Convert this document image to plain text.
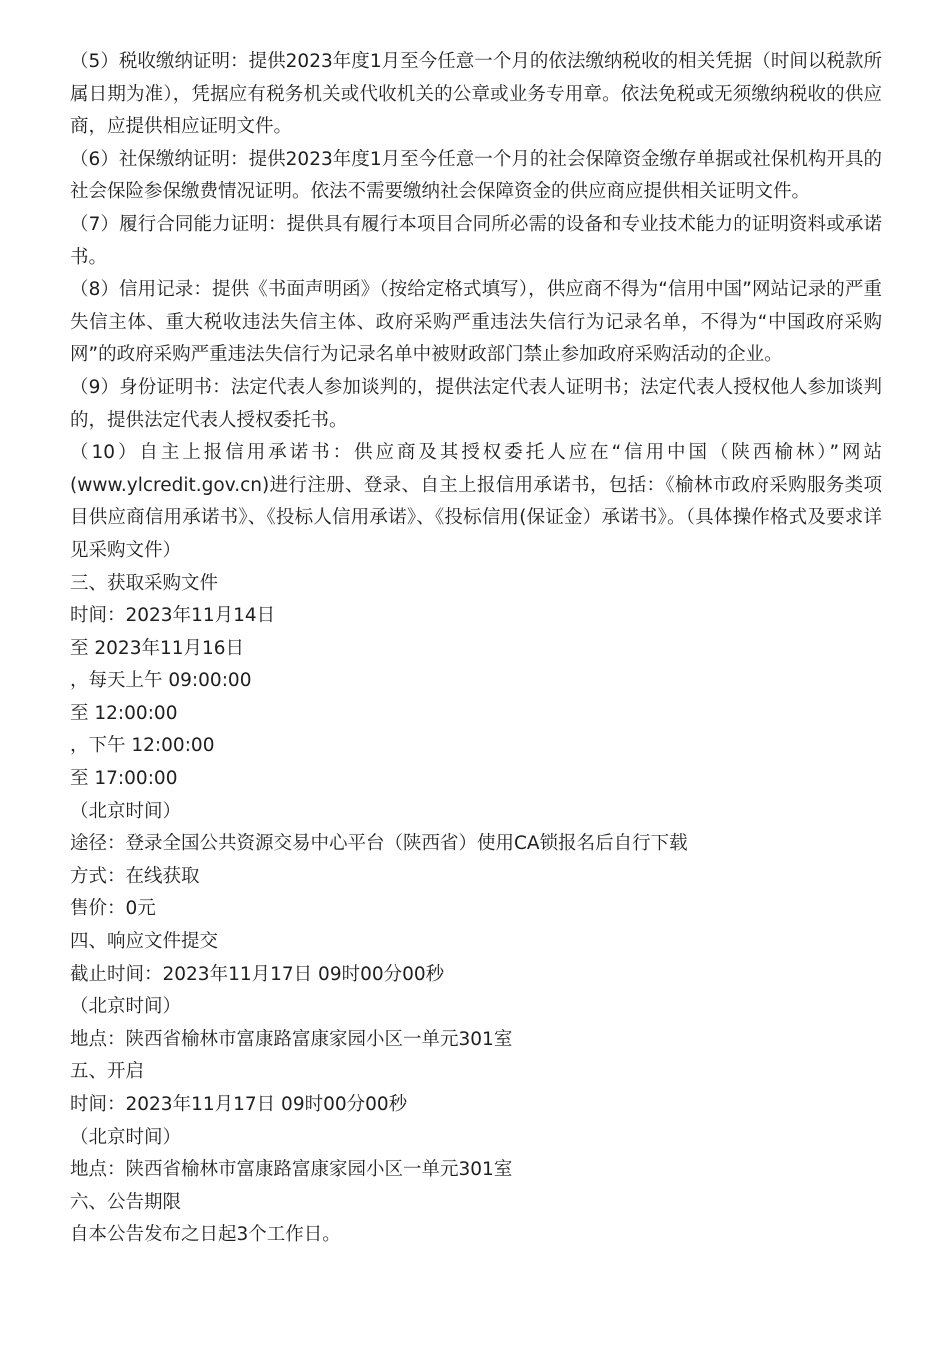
（5）税收缴纳证明：提供2023年度1月至今任意一个月的依法缴纳税收的相关凭据（时间以税款所属日期为准），凭据应有税务机关或代收机关的公章或业务专用章。依法免税或无须缴纳税收的供应商，应提供相应证明文件。

（6）社保缴纳证明：提供2023年度1月至今任意一个月的社会保障资金缴存单据或社保机构开具的社会保险参保缴费情况证明。依法不需要缴纳社会保障资金的供应商应提供相关证明文件。

（7）履行合同能力证明：提供具有履行本项目合同所必需的设备和专业技术能力的证明资料或承诺书。

（8）信用记录：提供《书面声明函》（按给定格式填写），供应商不得为“信用中国”网站记录的严重失信主体、重大税收违法失信主体、政府采购严重违法失信行为记录名单，不得为“中国政府采购网”的政府采购严重违法失信行为记录名单中被财政部门禁止参加政府采购活动的企业。

（9）身份证明书：法定代表人参加谈判的，提供法定代表人证明书；法定代表人授权他人参加谈判的，提供法定代表人授权委托书。

（10）自主上报信用承诺书：供应商及其授权委托人应在“信用中国（陕西榆林）”网站(www.ylcredit.gov.cn)进行注册、登录、自主上报信用承诺书，包括：《榆林市政府采购服务类项目供应商信用承诺书》、《投标人信用承诺》、《投标信用(保证金）承诺书》。（具体操作格式及要求详见采购文件）

三、获取采购文件

时间：2023年11月14日

至 2023年11月16日

，每天上午 09:00:00

至 12:00:00

，下午 12:00:00

至 17:00:00

（北京时间）

途径：登录全国公共资源交易中心平台（陕西省）使用CA锁报名后自行下载

方式：在线获取

售价：0元

四、响应文件提交

截止时间：2023年11月17日 09时00分00秒

（北京时间）

地点：陕西省榆林市富康路富康家园小区一单元301室

五、开启

时间：2023年11月17日 09时00分00秒

（北京时间）

地点：陕西省榆林市富康路富康家园小区一单元301室

六、公告期限

自本公告发布之日起3个工作日。
